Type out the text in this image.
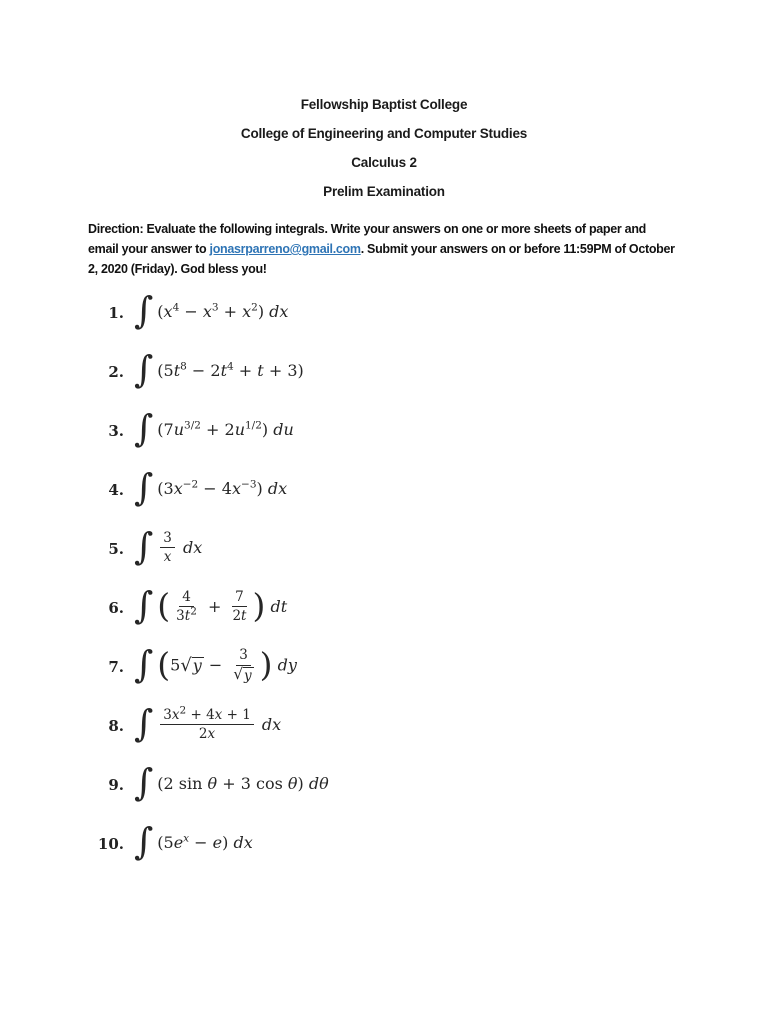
Fellowship Baptist College

College of Engineering and Computer Studies

Calculus 2

Prelim Examination

Direction: Evaluate the following integrals. Write your answers on one or more sheets of paper and
email your answer to jonasrparreno@gmail.com. Submit your answers on or before 11:59PM of October
2, 2020 (Friday). God bless you!

1. ∫ $(x^4 - x^3 + x^2)$ dx
2. ∫ $(5t^8 - 2t^4 + t + 3)$
3. ∫ $(7u^{3/2} + 2u^{1/2})$ du
4. ∫ $(3x^{-2} - 4x^{-3})$ dx
5. ∫ $\frac{3}{x}$ dx
6. ∫ ( $\frac{4}{3t^2} + \frac{7}{2t}$ ) dt
7. ∫ (5 √ $y - \frac{3}{√ y}$ ) dy
8. ∫ $\frac{3x^2 + 4x + 1}{2x}$ dx
9. ∫ (2 sin θ + 3 cos θ) dθ
10. ∫ $(5e^x - e)$ dx
